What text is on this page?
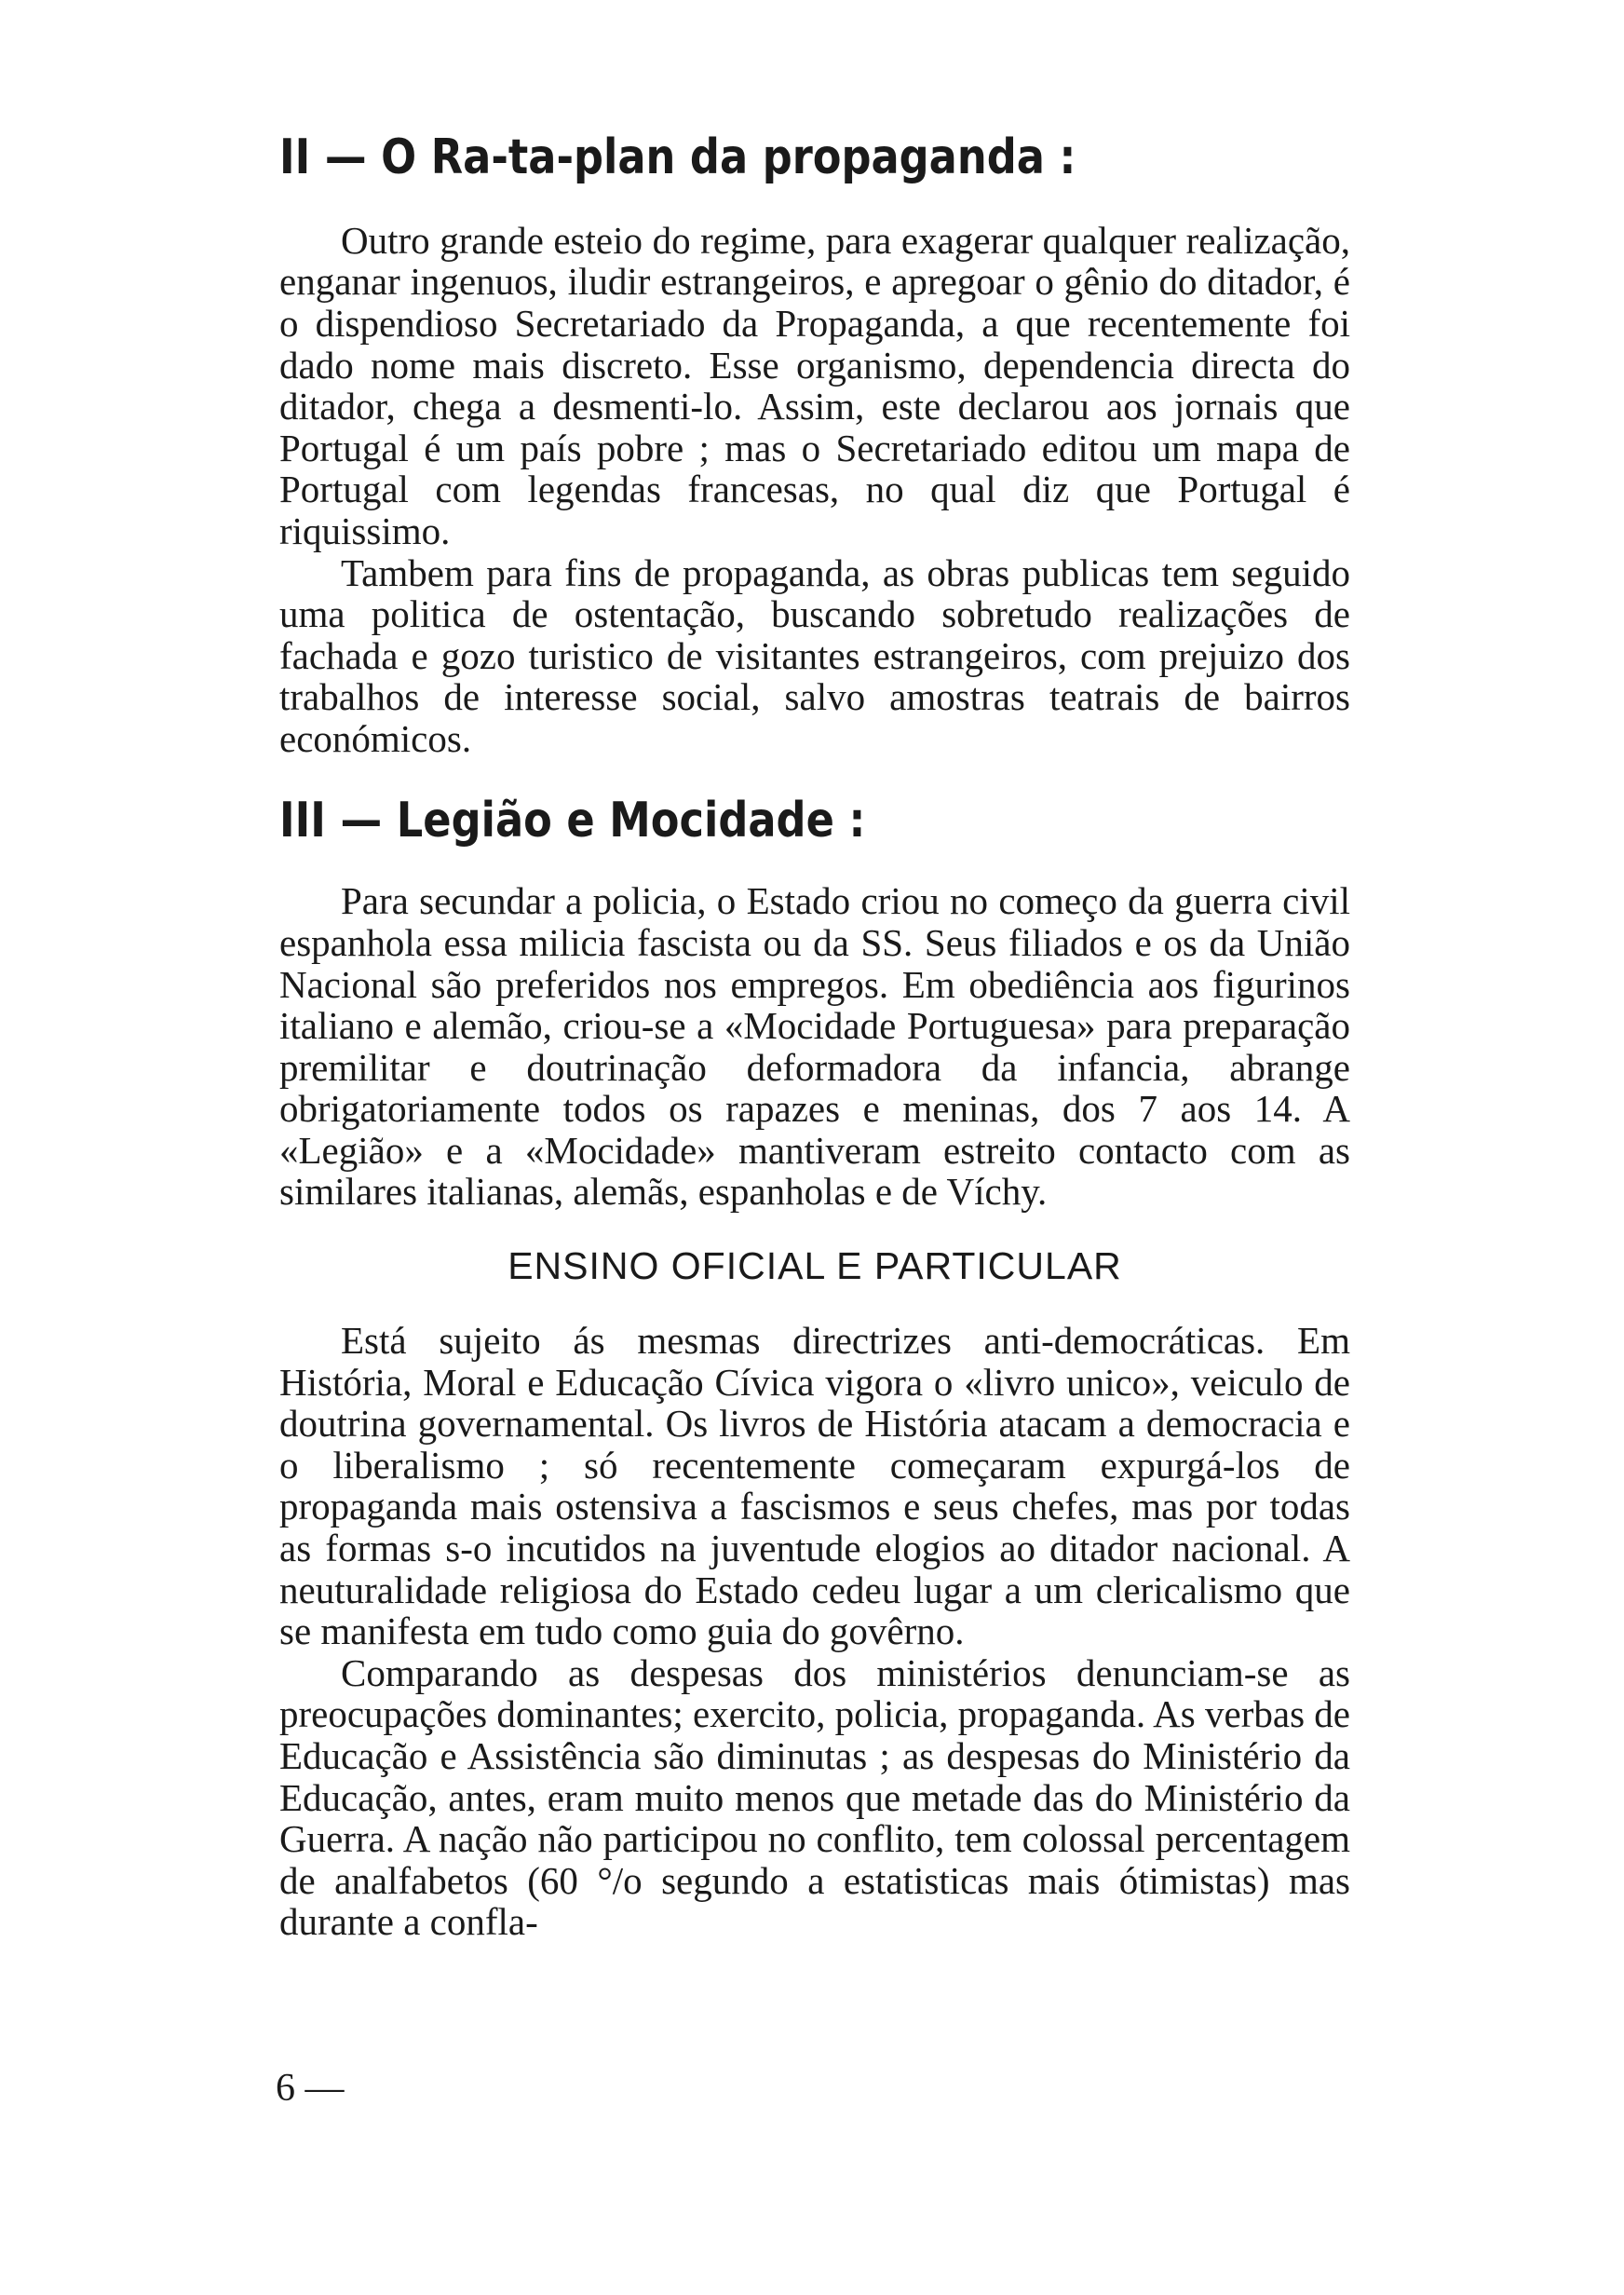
II — O Ra-ta-plan da propaganda :

Outro grande esteio do regime, para exagerar qualquer realização, enganar ingenuos, iludir estrangeiros, e apregoar o gênio do ditador, é o dispendioso Secretariado da Propaganda, a que recentemente foi dado nome mais discreto. Esse organismo, dependencia directa do ditador, chega a desmenti-lo. Assim, este declarou aos jornais que Portugal é um país pobre ; mas o Secretariado editou um mapa de Portugal com legendas francesas, no qual diz que Portugal é riquissimo.

Tambem para fins de propaganda, as obras publicas tem seguido uma politica de ostentação, buscando sobretudo realizações de fachada e gozo turistico de visitantes estrangeiros, com prejuizo dos trabalhos de interesse social, salvo amostras teatrais de bairros económicos.

III — Legião e Mocidade :

Para secundar a policia, o Estado criou no começo da guerra civil espanhola essa milicia fascista ou da SS. Seus filiados e os da União Nacional são preferidos nos empregos. Em obediência aos figurinos italiano e alemão, criou-se a «Mocidade Portuguesa» para preparação premilitar e doutrinação deformadora da infancia, abrange obrigatoriamente todos os rapazes e meninas, dos 7 aos 14. A «Legião» e a «Mocidade» mantiveram estreito contacto com as similares italianas, alemãs, espanholas e de Víchy.

ENSINO OFICIAL E PARTICULAR

Está sujeito ás mesmas directrizes anti-democráticas. Em História, Moral e Educação Cívica vigora o «livro unico», veiculo de doutrina governamental. Os livros de História atacam a democracia e o liberalismo ; só recentemente começaram expurgá-los de propaganda mais ostensiva a fascismos e seus chefes, mas por todas as formas s-o incutidos na juventude elogios ao ditador nacional. A neuturalidade religiosa do Estado cedeu lugar a um clericalismo que se manifesta em tudo como guia do govêrno.

Comparando as despesas dos ministérios denunciam-se as preocupações dominantes; exercito, policia, propaganda. As verbas de Educação e Assistência são diminutas ; as despesas do Ministério da Educação, antes, eram muito menos que metade das do Ministério da Guerra. A nação não participou no conflito, tem colossal percentagem de analfabetos (60 °/o segundo a estatisticas mais ótimistas) mas durante a confla-

6 —
